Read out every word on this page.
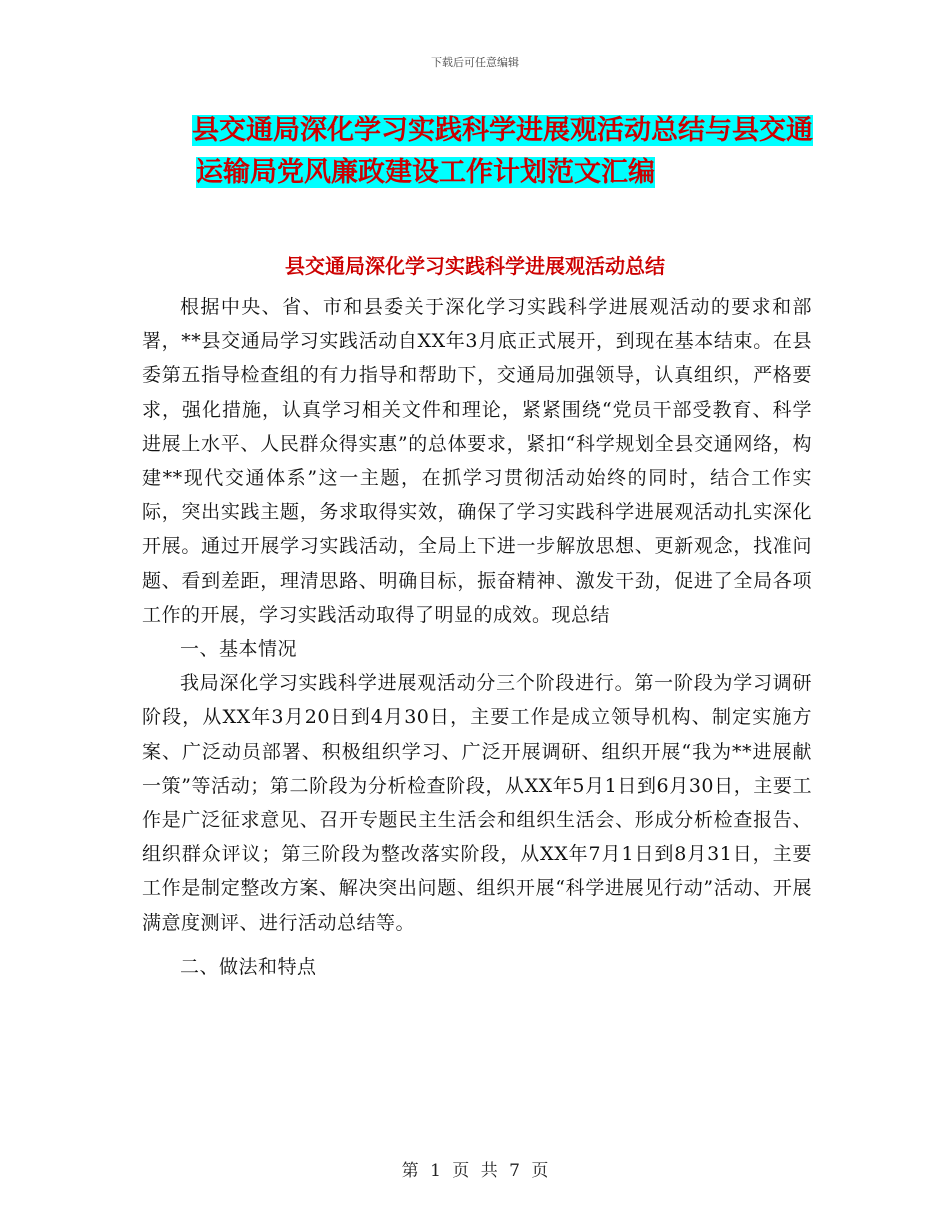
下载后可任意编辑
县交通局深化学习实践科学进展观活动总结与县交通
运输局党风廉政建设工作计划范文汇编
县交通局深化学习实践科学进展观活动总结

根据中央、省、市和县委关于深化学习实践科学进展观活动的要求和部署，**县交通局学习实践活动自XX年3月底正式展开，到现在基本结束。在县委第五指导检查组的有力指导和帮助下，交通局加强领导，认真组织，严格要求，强化措施，认真学习相关文件和理论，紧紧围绕“党员干部受教育、科学进展上水平、人民群众得实惠”的总体要求，紧扣“科学规划全县交通网络，构建**现代交通体系”这一主题，在抓学习贯彻活动始终的同时，结合工作实际，突出实践主题，务求取得实效，确保了学习实践科学进展观活动扎实深化开展。通过开展学习实践活动，全局上下进一步解放思想、更新观念，找准问题、看到差距，理清思路、明确目标，振奋精神、激发干劲，促进了全局各项工作的开展，学习实践活动取得了明显的成效。现总结

一、基本情况

我局深化学习实践科学进展观活动分三个阶段进行。第一阶段为学习调研阶段，从XX年3月20日到4月30日，主要工作是成立领导机构、制定实施方案、广泛动员部署、积极组织学习、广泛开展调研、组织开展“我为**进展献一策”等活动；第二阶段为分析检查阶段，从XX年5月1日到6月30日，主要工作是广泛征求意见、召开专题民主生活会和组织生活会、形成分析检查报告、组织群众评议；第三阶段为整改落实阶段，从XX年7月1日到8月31日，主要工作是制定整改方案、解决突出问题、组织开展“科学进展见行动”活动、开展满意度测评、进行活动总结等。

二、做法和特点

第 1 页 共 7 页
